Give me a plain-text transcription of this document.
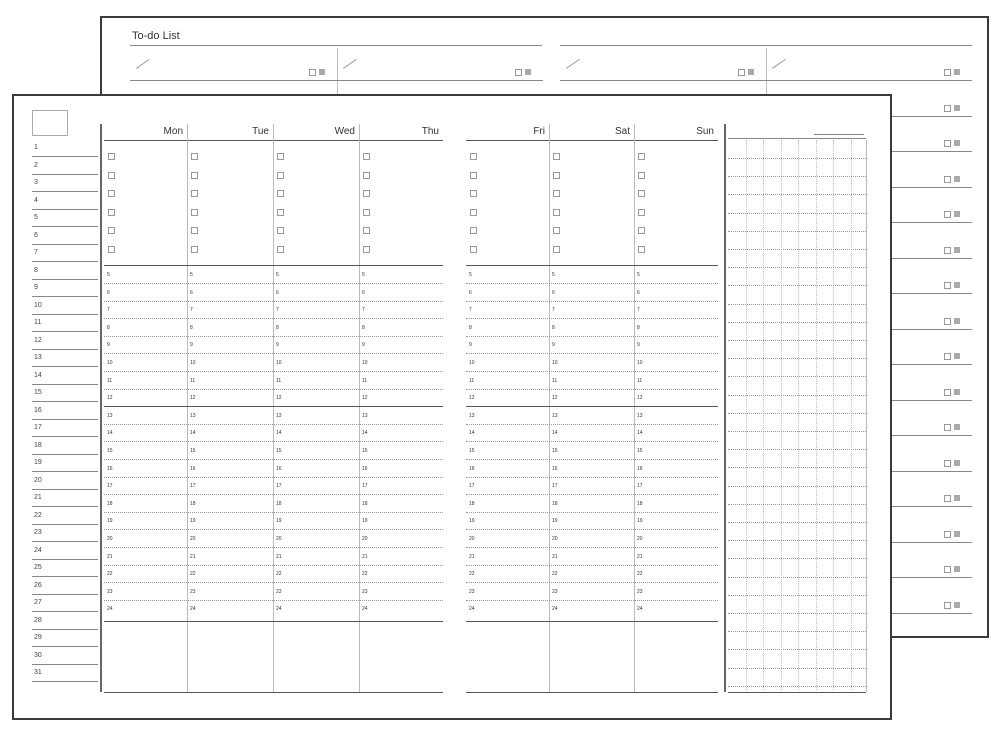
To-do List
1
2
3
4
5
6
7
8
9
10
11
12
13
14
15
16
17
18
19
20
21
22
23
24
25
26
27
28
29
30
31
Mon	Tue	Wed	Thu	Fri	Sat	Sun
5	5	5	5
6	6	6	6
7	7	7	7
8	8	8	8
9	9	9	9
10	10	10	10
11	11	11	11
12	12	12	12
13	13	13	13
14	14	14	14
15	15	15	15
16	16	16	16
17	17	17	17
18	18	18	18
19	19	19	19
20	20	20	20
21	21	21	21
22	22	22	22
23	23	23	23
24	24	24	24
5	5	5
6	6	6
7	7	7
8	8	8
9	9	9
10	10	10
11	11	11
12	12	12
13	13	13
14	14	14
15	15	15
16	16	16
17	17	17
18	18	18
19	19	19
20	20	20
21	21	21
22	22	22
23	23	23
24	24	24
